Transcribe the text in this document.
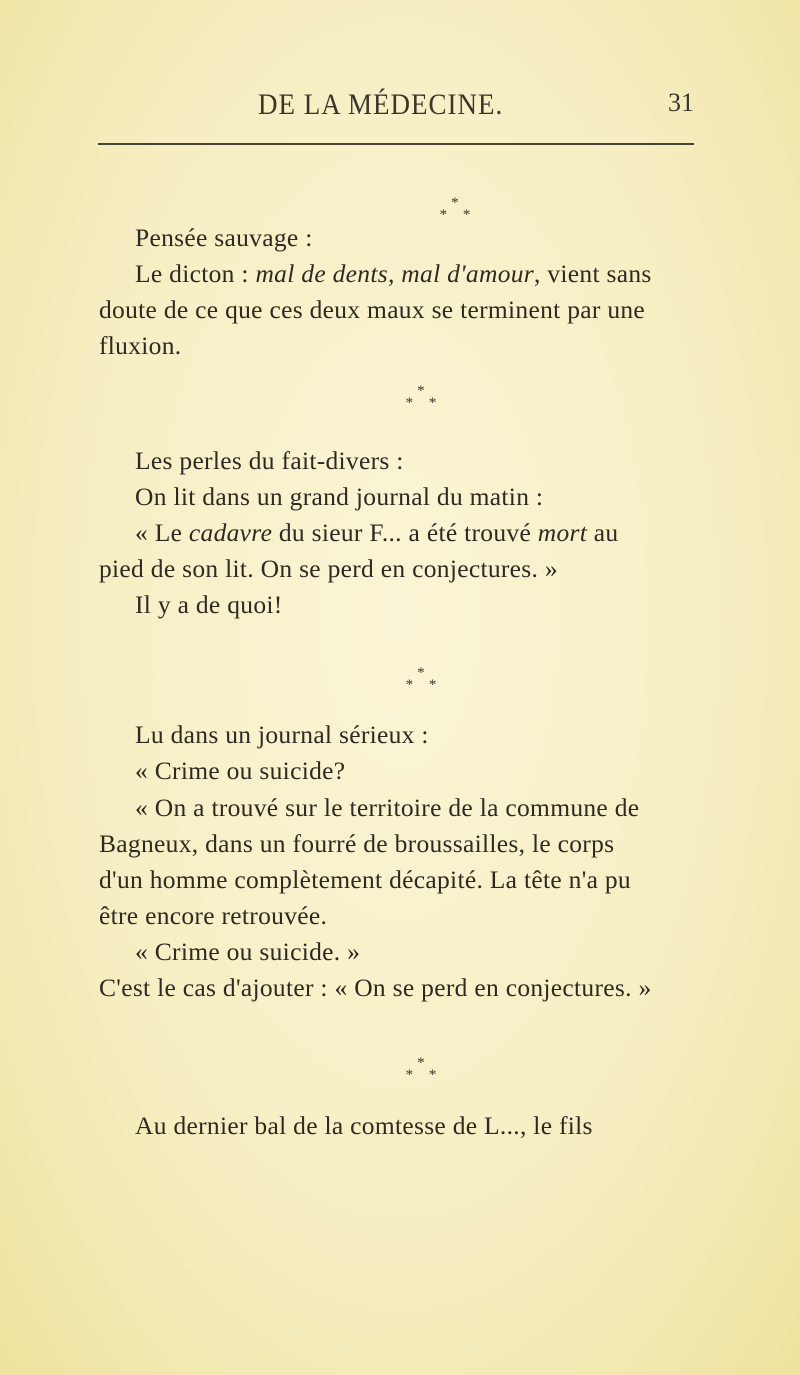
DE LA MÉDECINE.	31
*
* *
Pensée sauvage :
Le dicton : mal de dents, mal d'amour, vient sans
doute de ce que ces deux maux se terminent par une
fluxion.
*
* *
Les perles du fait-divers :
On lit dans un grand journal du matin :
« Le cadavre du sieur F... a été trouvé mort au
pied de son lit. On se perd en conjectures. »
Il y a de quoi!
*
* *
Lu dans un journal sérieux :
« Crime ou suicide?
« On a trouvé sur le territoire de la commune de
Bagneux, dans un fourré de broussailles, le corps
d'un homme complètement décapité. La tête n'a pu
être encore retrouvée.
« Crime ou suicide. »
C'est le cas d'ajouter : « On se perd en conjectures. »
*
* *
Au dernier bal de la comtesse de L..., le fils
